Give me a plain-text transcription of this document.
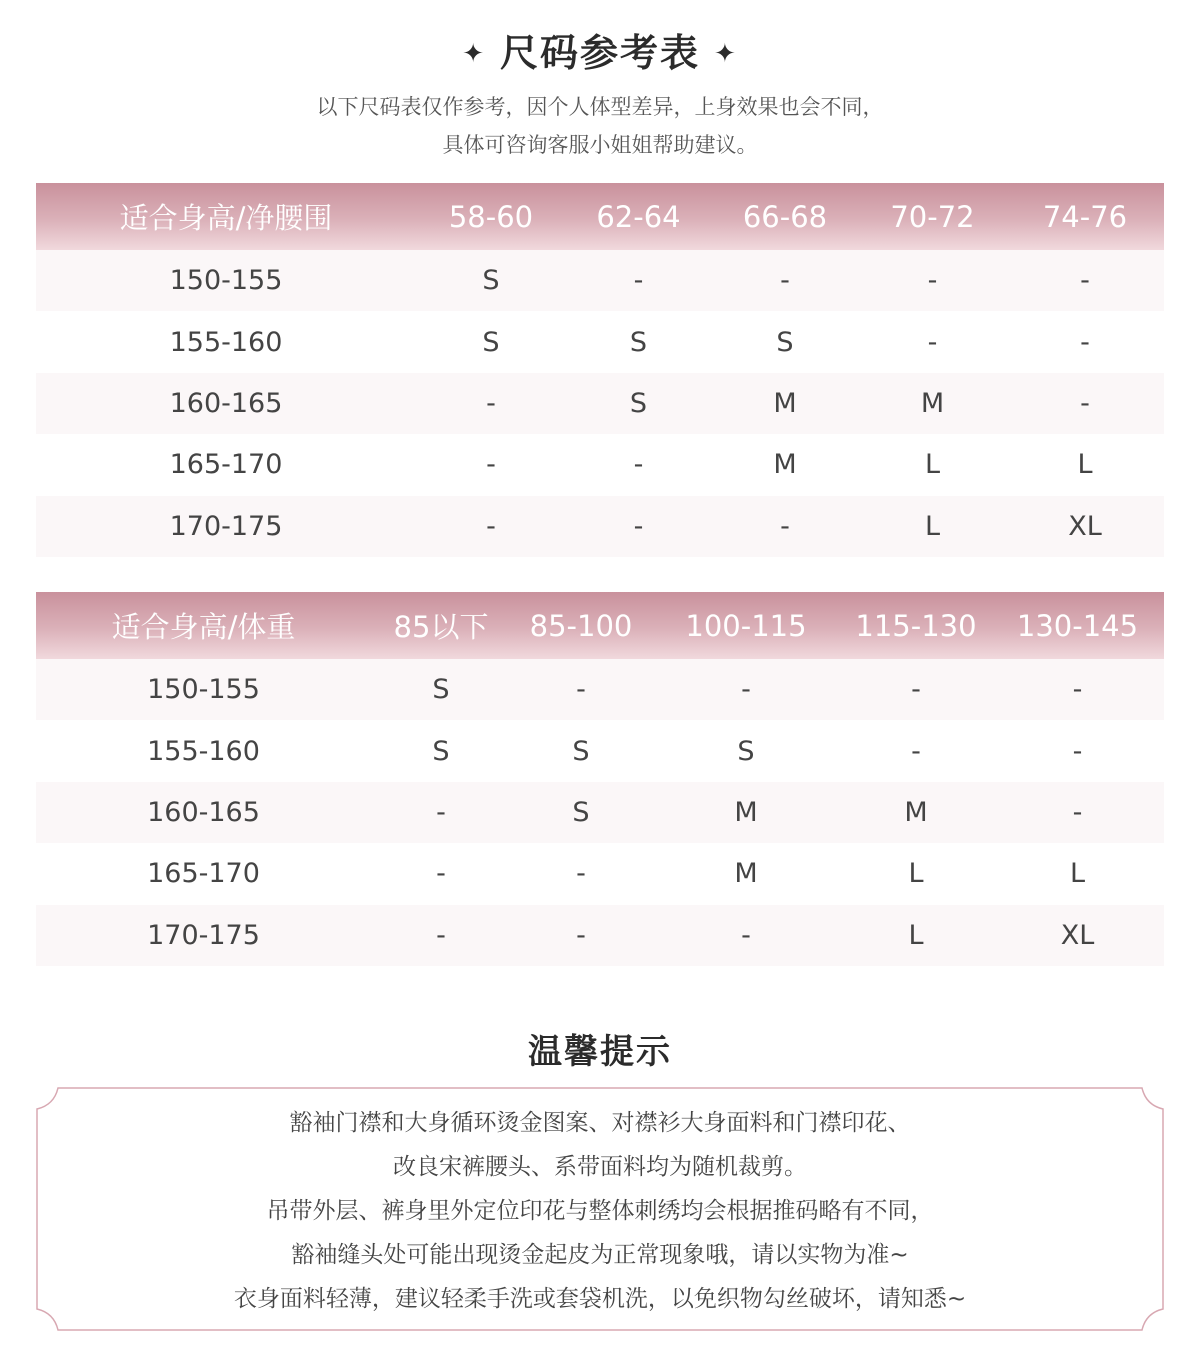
✦ 尺码参考表 ✦
以下尺码表仅作参考，因个人体型差异，上身效果也会不同，
具体可咨询客服小姐姐帮助建议。
适合身高/净腰围	58-60	62-64	66-68	70-72	74-76
150-155	S	-	-	-	-
155-160	S	S	S	-	-
160-165	-	S	M	M	-
165-170	-	-	M	L	L
170-175	-	-	-	L	XL
适合身高/体重	85以下	85-100	100-115	115-130	130-145
150-155	S	-	-	-	-
155-160	S	S	S	-	-
160-165	-	S	M	M	-
165-170	-	-	M	L	L
170-175	-	-	-	L	XL
温馨提示
豁袖门襟和大身循环烫金图案、对襟衫大身面料和门襟印花、
改良宋裤腰头、系带面料均为随机裁剪。
吊带外层、裤身里外定位印花与整体刺绣均会根据推码略有不同，
豁袖缝头处可能出现烫金起皮为正常现象哦，请以实物为准~
衣身面料轻薄，建议轻柔手洗或套袋机洗，以免织物勾丝破坏，请知悉~
